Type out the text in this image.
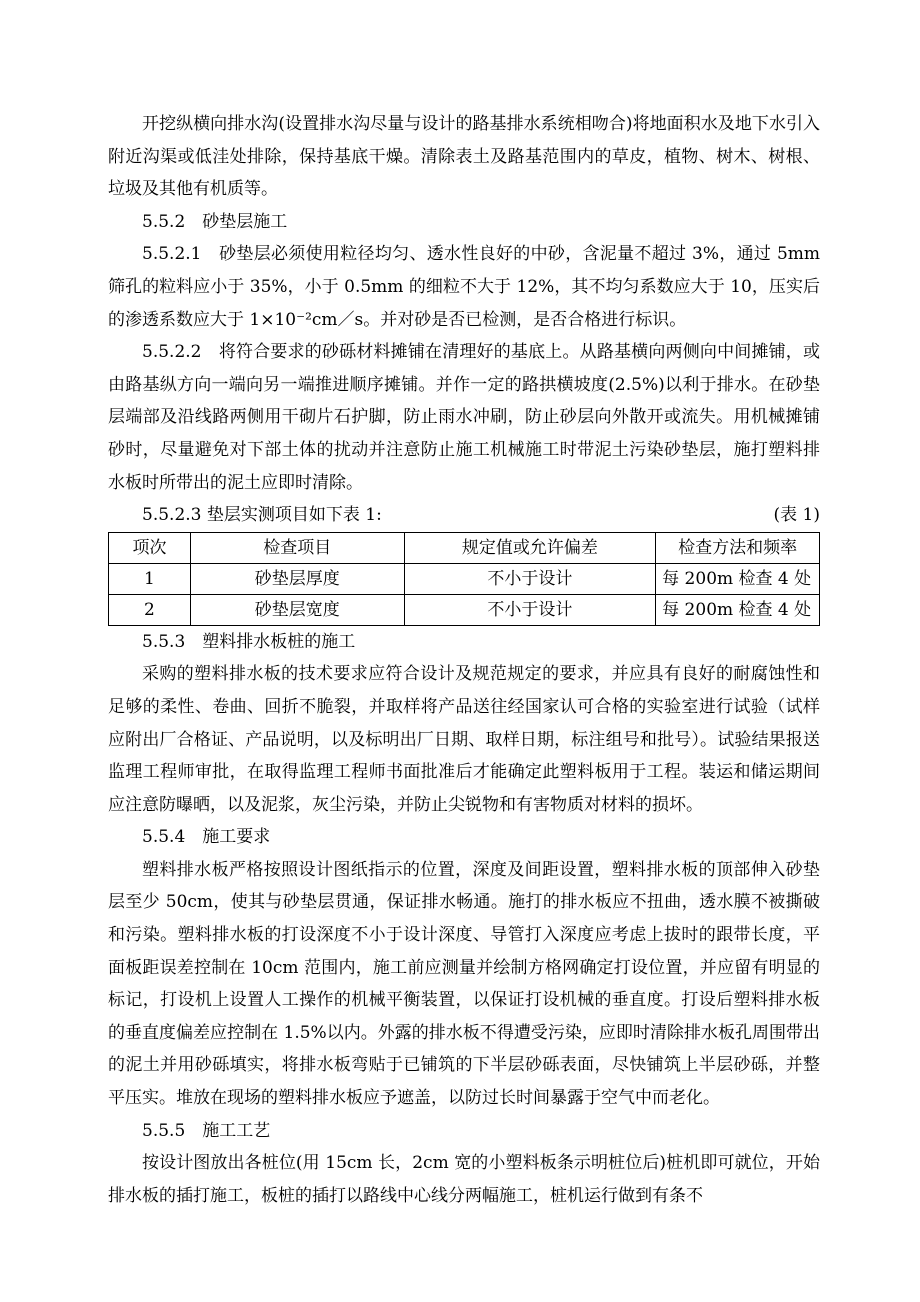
开挖纵横向排水沟(设置排水沟尽量与设计的路基排水系统相吻合)将地面积水及地下水引入附近沟渠或低洼处排除，保持基底干燥。清除表土及路基范围内的草皮，植物、树木、树根、垃圾及其他有机质等。

5.5.2　砂垫层施工

5.5.2.1　砂垫层必须使用粒径均匀、透水性良好的中砂，含泥量不超过 3%，通过 5mm 筛孔的粒料应小于 35%，小于 0.5mm 的细粒不大于 12%，其不均匀系数应大于 10，压实后的渗透系数应大于 1×10⁻²cm／s。并对砂是否已检测，是否合格进行标识。

5.5.2.2　将符合要求的砂砾材料摊铺在清理好的基底上。从路基横向两侧向中间摊铺，或由路基纵方向一端向另一端推进顺序摊铺。并作一定的路拱横坡度(2.5%)以利于排水。在砂垫层端部及沿线路两侧用干砌片石护脚，防止雨水冲刷，防止砂层向外散开或流失。用机械摊铺砂时，尽量避免对下部土体的扰动并注意防止施工机械施工时带泥土污染砂垫层，施打塑料排水板时所带出的泥土应即时清除。

5.5.2.3 垫层实测项目如下表 1:	(表 1)
项次	检查项目	规定值或允许偏差	检查方法和频率
1	砂垫层厚度	不小于设计	每 200m 检查 4 处
2	砂垫层宽度	不小于设计	每 200m 检查 4 处

5.5.3　塑料排水板桩的施工

采购的塑料排水板的技术要求应符合设计及规范规定的要求，并应具有良好的耐腐蚀性和足够的柔性、卷曲、回折不脆裂，并取样将产品送往经国家认可合格的实验室进行试验（试样应附出厂合格证、产品说明，以及标明出厂日期、取样日期，标注组号和批号）。试验结果报送监理工程师审批，在取得监理工程师书面批准后才能确定此塑料板用于工程。装运和储运期间应注意防曝晒，以及泥浆，灰尘污染，并防止尖锐物和有害物质对材料的损坏。

5.5.4　施工要求

塑料排水板严格按照设计图纸指示的位置，深度及间距设置，塑料排水板的顶部伸入砂垫层至少 50cm，使其与砂垫层贯通，保证排水畅通。施打的排水板应不扭曲，透水膜不被撕破和污染。塑料排水板的打设深度不小于设计深度、导管打入深度应考虑上拔时的跟带长度，平面板距误差控制在 10cm 范围内，施工前应测量并绘制方格网确定打设位置，并应留有明显的标记，打设机上设置人工操作的机械平衡装置，以保证打设机械的垂直度。打设后塑料排水板的垂直度偏差应控制在 1.5%以内。外露的排水板不得遭受污染，应即时清除排水板孔周围带出的泥土并用砂砾填实，将排水板弯贴于已铺筑的下半层砂砾表面，尽快铺筑上半层砂砾，并整平压实。堆放在现场的塑料排水板应予遮盖，以防过长时间暴露于空气中而老化。

5.5.5　施工工艺

按设计图放出各桩位(用 15cm 长，2cm 宽的小塑料板条示明桩位后)桩机即可就位，开始排水板的插打施工，板桩的插打以路线中心线分两幅施工，桩机运行做到有条不
